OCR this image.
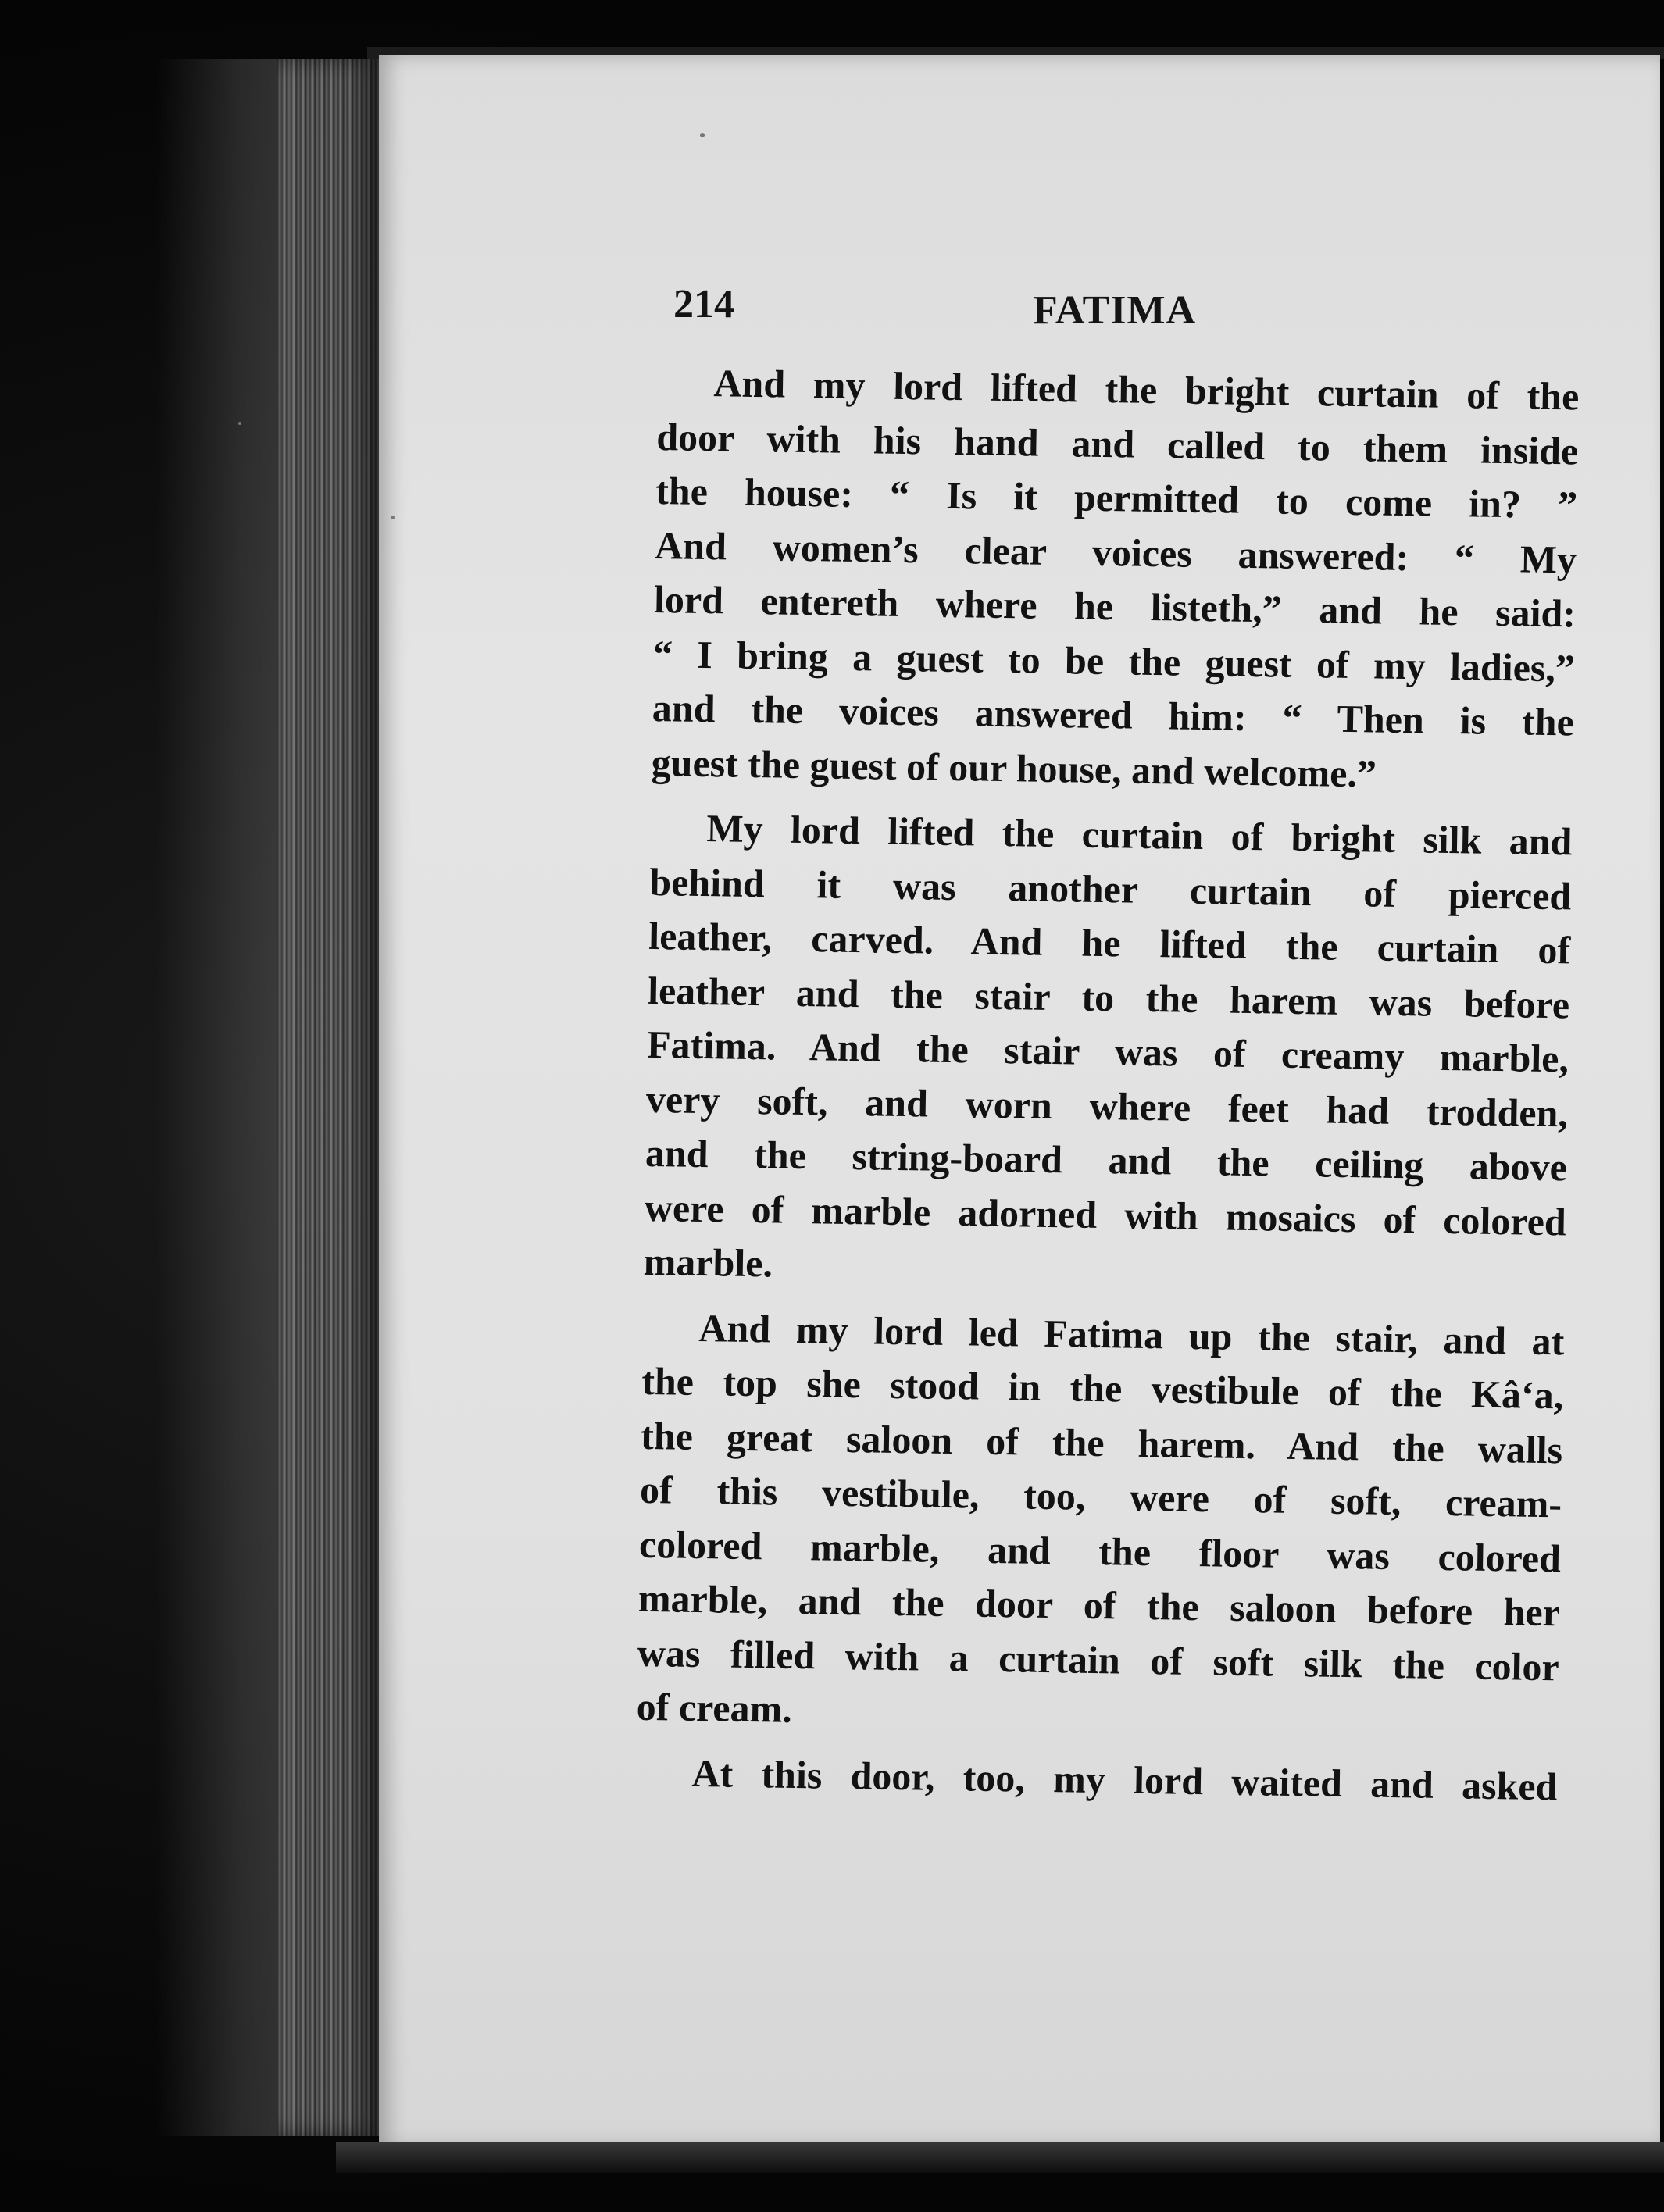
214	FATIMA
And my lord lifted the bright curtain of the
door with his hand and called to them inside
the house: “ Is it permitted to come in? ”
And women’s clear voices answered: “ My
lord entereth where he listeth,” and he said:
“ I bring a guest to be the guest of my ladies,”
and the voices answered him: “ Then is the
guest the guest of our house, and welcome.”
My lord lifted the curtain of bright silk and
behind it was another curtain of pierced
leather, carved. And he lifted the curtain of
leather and the stair to the harem was before
Fatima. And the stair was of creamy marble,
very soft, and worn where feet had trodden,
and the string-board and the ceiling above
were of marble adorned with mosaics of colored
marble.
And my lord led Fatima up the stair, and at
the top she stood in the vestibule of the Kâ‘a,
the great saloon of the harem. And the walls
of this vestibule, too, were of soft, cream-
colored marble, and the floor was colored
marble, and the door of the saloon before her
was filled with a curtain of soft silk the color
of cream.
At this door, too, my lord waited and asked
